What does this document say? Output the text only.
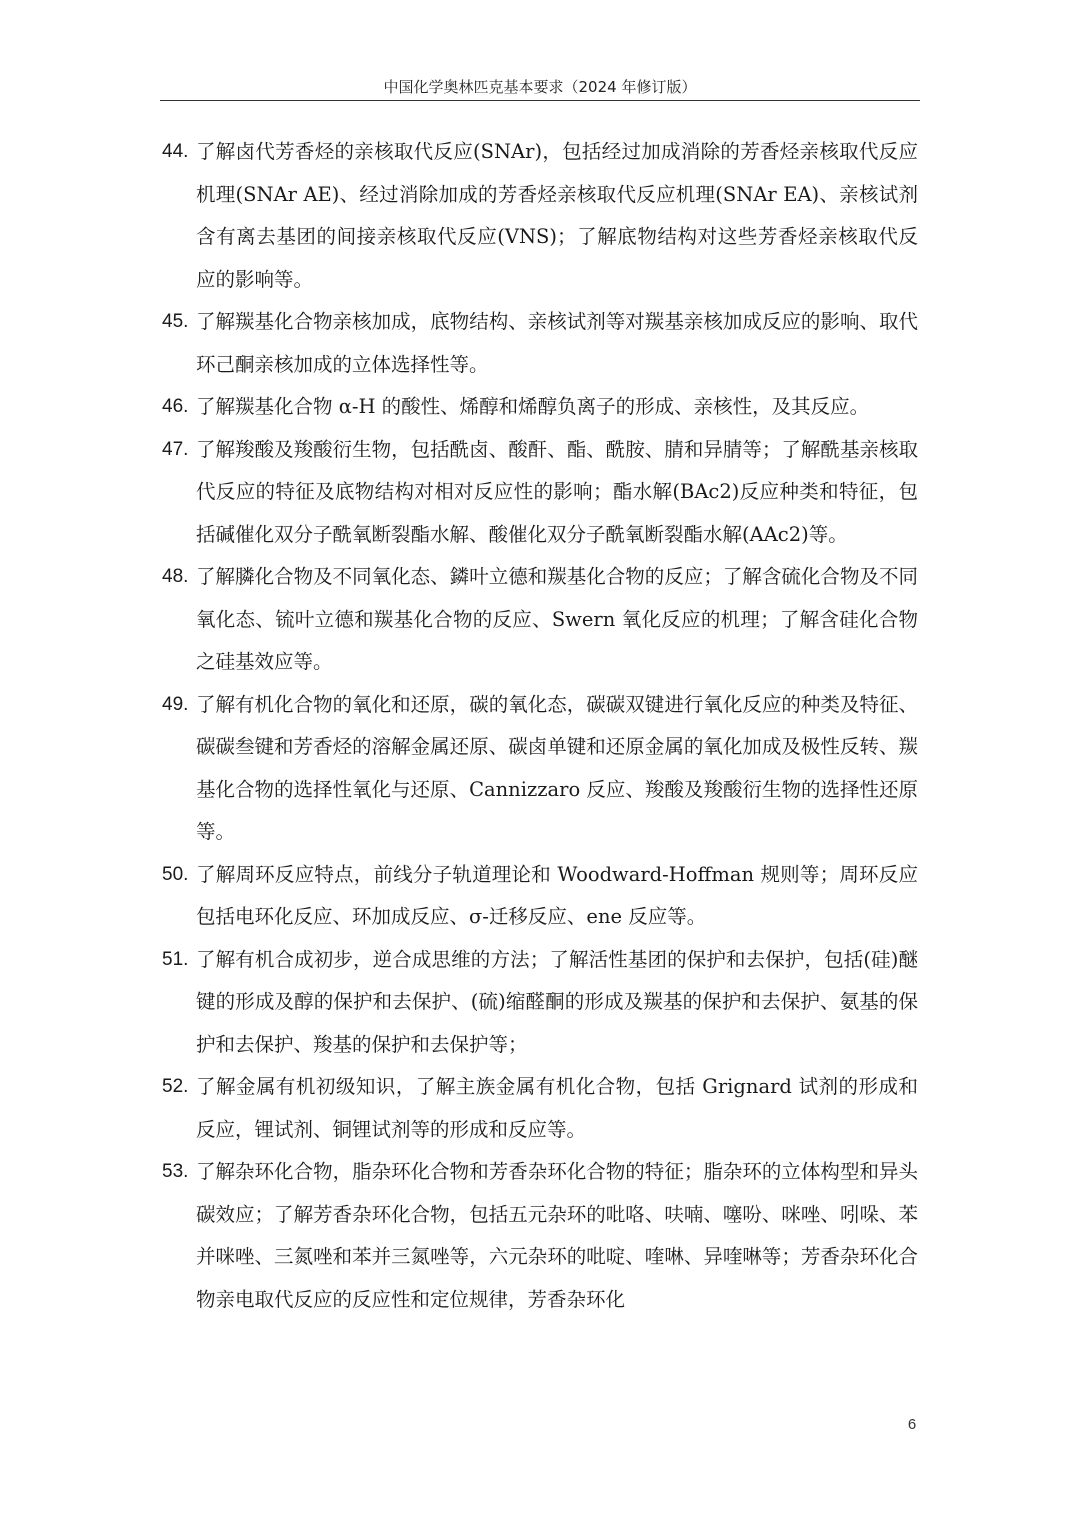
中国化学奥林匹克基本要求（2024 年修订版）
44. 了解卤代芳香烃的亲核取代反应(SNAr)，包括经过加成消除的芳香烃亲核取代反应机理(SNAr AE)、经过消除加成的芳香烃亲核取代反应机理(SNAr EA)、亲核试剂含有离去基团的间接亲核取代反应(VNS)；了解底物结构对这些芳香烃亲核取代反应的影响等。
45. 了解羰基化合物亲核加成，底物结构、亲核试剂等对羰基亲核加成反应的影响、取代环己酮亲核加成的立体选择性等。
46. 了解羰基化合物 α-H 的酸性、烯醇和烯醇负离子的形成、亲核性，及其反应。
47. 了解羧酸及羧酸衍生物，包括酰卤、酸酐、酯、酰胺、腈和异腈等；了解酰基亲核取代反应的特征及底物结构对相对反应性的影响；酯水解(BAc2)反应种类和特征，包括碱催化双分子酰氧断裂酯水解、酸催化双分子酰氧断裂酯水解(AAc2)等。
48. 了解膦化合物及不同氧化态、鏻叶立德和羰基化合物的反应；了解含硫化合物及不同氧化态、锍叶立德和羰基化合物的反应、Swern 氧化反应的机理；了解含硅化合物之硅基效应等。
49. 了解有机化合物的氧化和还原，碳的氧化态，碳碳双键进行氧化反应的种类及特征、碳碳叁键和芳香烃的溶解金属还原、碳卤单键和还原金属的氧化加成及极性反转、羰基化合物的选择性氧化与还原、Cannizzaro 反应、羧酸及羧酸衍生物的选择性还原等。
50. 了解周环反应特点，前线分子轨道理论和 Woodward-Hoffman 规则等；周环反应包括电环化反应、环加成反应、σ-迁移反应、ene 反应等。
51. 了解有机合成初步，逆合成思维的方法；了解活性基团的保护和去保护，包括(硅)醚键的形成及醇的保护和去保护、(硫)缩醛酮的形成及羰基的保护和去保护、氨基的保护和去保护、羧基的保护和去保护等；
52. 了解金属有机初级知识，了解主族金属有机化合物，包括 Grignard 试剂的形成和反应，锂试剂、铜锂试剂等的形成和反应等。
53. 了解杂环化合物，脂杂环化合物和芳香杂环化合物的特征；脂杂环的立体构型和异头碳效应；了解芳香杂环化合物，包括五元杂环的吡咯、呋喃、噻吩、咪唑、吲哚、苯并咪唑、三氮唑和苯并三氮唑等，六元杂环的吡啶、喹啉、异喹啉等；芳香杂环化合物亲电取代反应的反应性和定位规律，芳香杂环化
6
